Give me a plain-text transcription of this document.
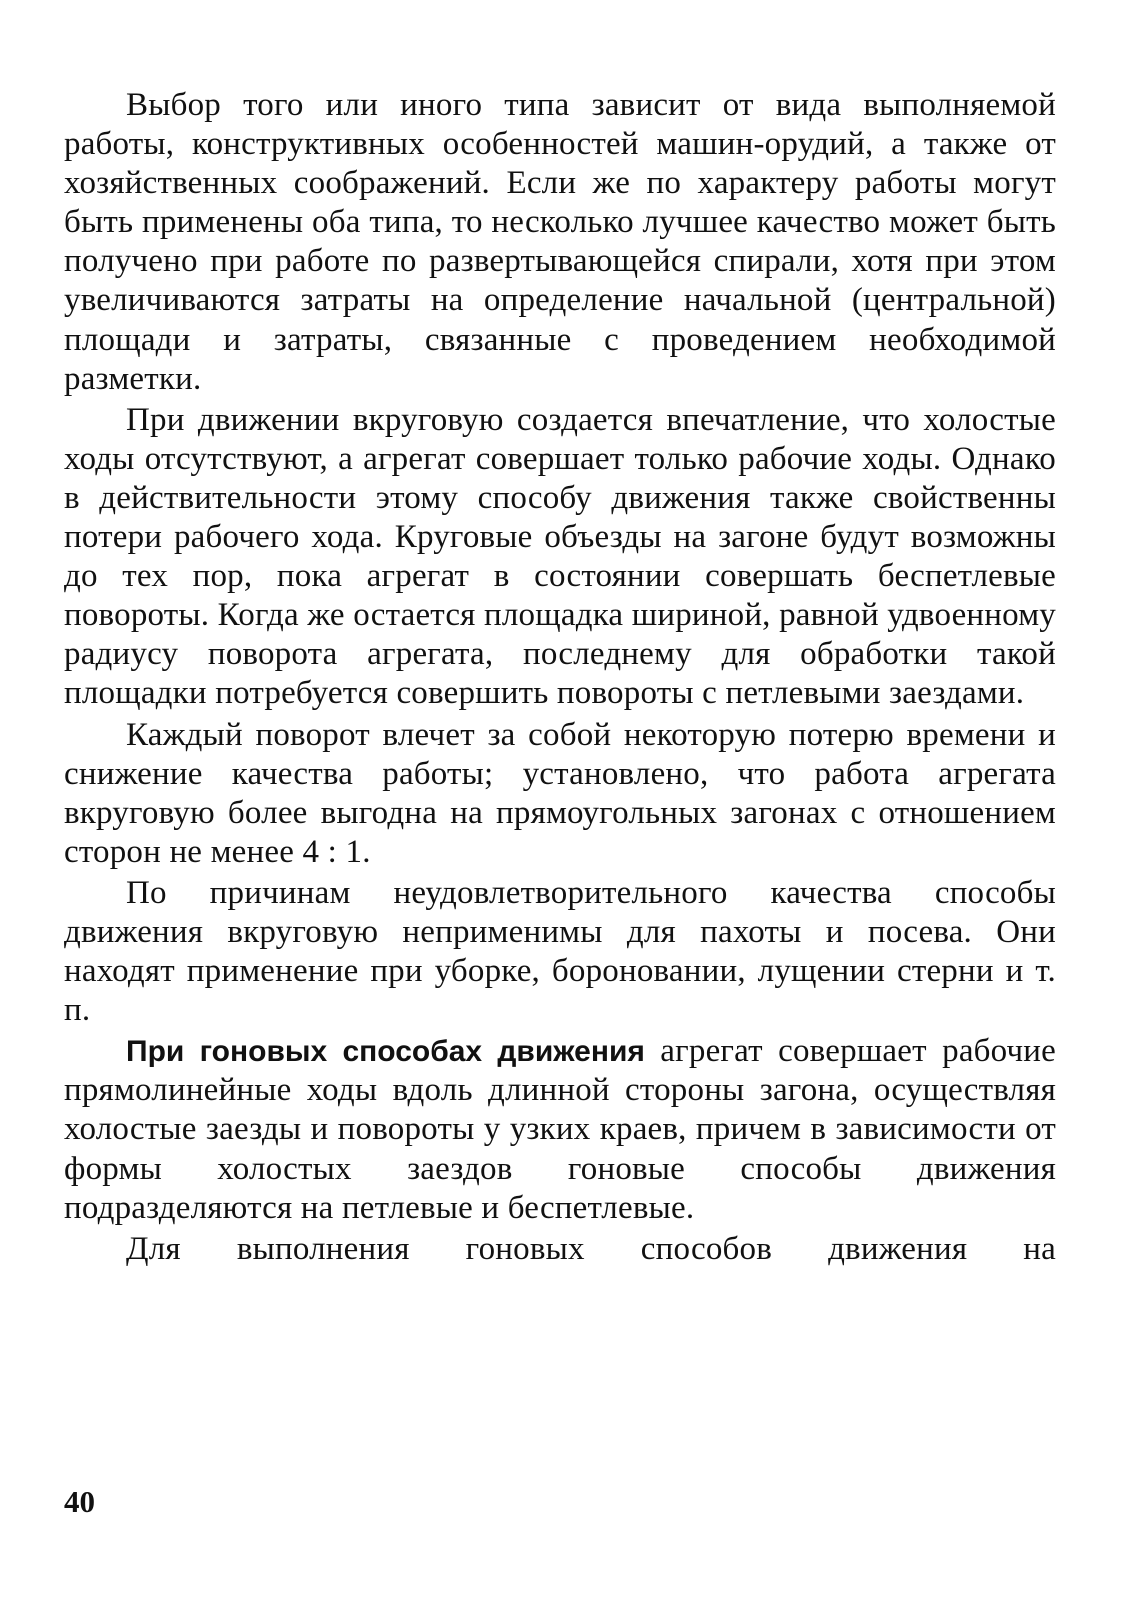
Выбор того или иного типа зависит от вида выполняемой работы, конструктивных особенностей машин-орудий, а также от хозяйственных соображений. Если же по характеру работы могут быть применены оба типа, то несколько лучшее качество может быть получено при работе по развертывающейся спирали, хотя при этом увеличиваются затраты на определение начальной (центральной) площади и затраты, связанные с проведением необходимой разметки.

При движении вкруговую создается впечатление, что холостые ходы отсутствуют, а агрегат совершает только рабочие ходы. Однако в действительности этому способу движения также свойственны потери рабочего хода. Круговые объезды на загоне будут возможны до тех пор, пока агрегат в состоянии совершать беспетлевые повороты. Когда же остается площадка шириной, равной удвоенному радиусу поворота агрегата, последнему для обработки такой площадки потребуется совершить повороты с петлевыми заездами.

Каждый поворот влечет за собой некоторую потерю времени и снижение качества работы; установлено, что работа агрегата вкруговую более выгодна на прямоугольных загонах с отношением сторон не менее 4 : 1.

По причинам неудовлетворительного качества способы движения вкруговую неприменимы для пахоты и посева. Они находят применение при уборке, бороновании, лущении стерни и т. п.

При гоновых способах движения агрегат совершает рабочие прямолинейные ходы вдоль длинной стороны загона, осуществляя холостые заезды и повороты у узких краев, причем в зависимости от формы холостых заездов гоновые способы движения подразделяются на петлевые и беспетлевые.

Для выполнения гоновых способов движения на

40
